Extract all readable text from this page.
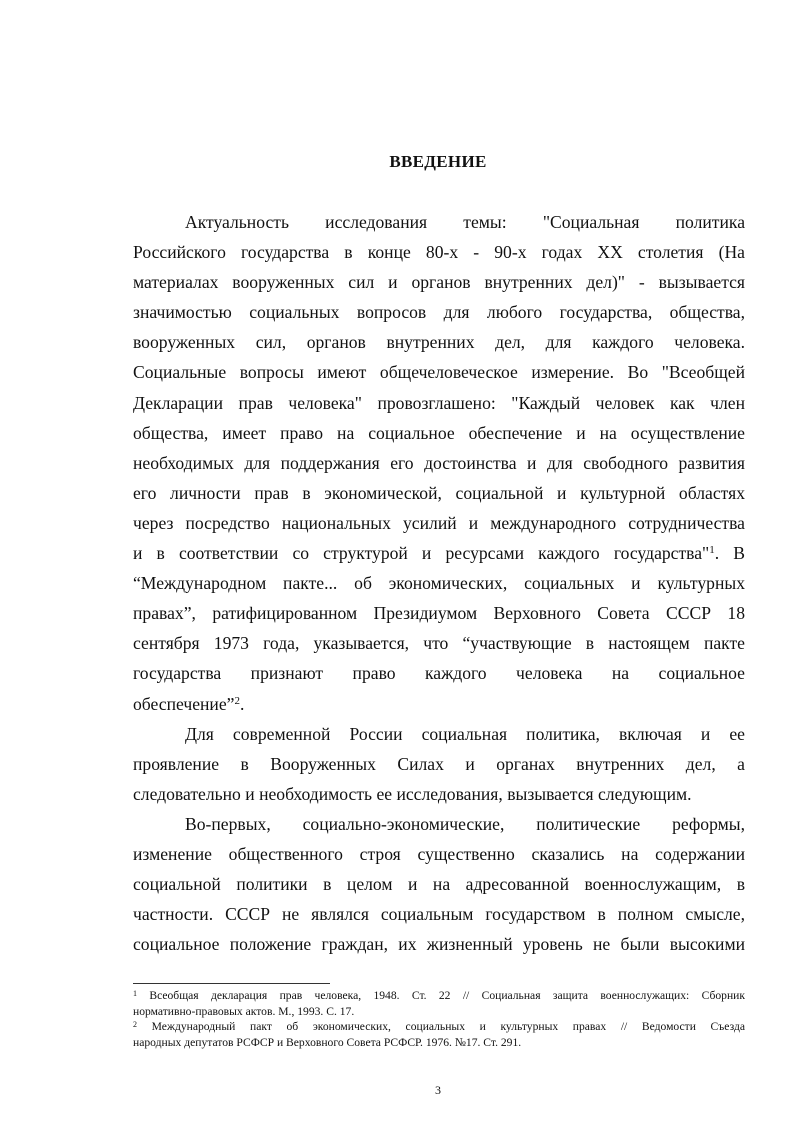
ВВЕДЕНИЕ
Актуальность исследования темы: "Социальная политика
Российского государства в конце 80-х - 90-х годах XX столетия (На
материалах вооруженных сил и органов внутренних дел)" - вызывается
значимостью социальных вопросов для любого государства, общества,
вооруженных сил, органов внутренних дел, для каждого человека.
Социальные вопросы имеют общечеловеческое измерение. Во "Всеобщей
Декларации прав человека" провозглашено: "Каждый человек как член
общества, имеет право на социальное обеспечение и на осуществление
необходимых для поддержания его достоинства и для свободного развития
его личности прав в экономической, социальной и культурной областях
через посредство национальных усилий и международного сотрудничества
и в соответствии со структурой и ресурсами каждого государства"$^1$. В
“Международном пакте... об экономических, социальных и культурных
правах”, ратифицированном Президиумом Верховного Совета СССР 18
сентября 1973 года, указывается, что “участвующие в настоящем пакте
государства признают право каждого человека на социальное
обеспечение”$^2$.
Для современной России социальная политика, включая и ее
проявление в Вооруженных Силах и органах внутренних дел, а
следовательно и необходимость ее исследования, вызывается следующим.
Во-первых, социально-экономические, политические реформы,
изменение общественного строя существенно сказались на содержании
социальной политики в целом и на адресованной военнослужащим, в
частности. СССР не являлся социальным государством в полном смысле,
социальное положение граждан, их жизненный уровень не были высокими
$^1$ Всеобщая декларация прав человека, 1948. Ст. 22 // Социальная защита военнослужащих: Сборник
нормативно-правовых актов. М., 1993. С. 17.
$^2$ Международный пакт об экономических, социальных и культурных правах // Ведомости Съезда
народных депутатов РСФСР и Верховного Совета РСФСР. 1976. №17. Ст. 291.
3
